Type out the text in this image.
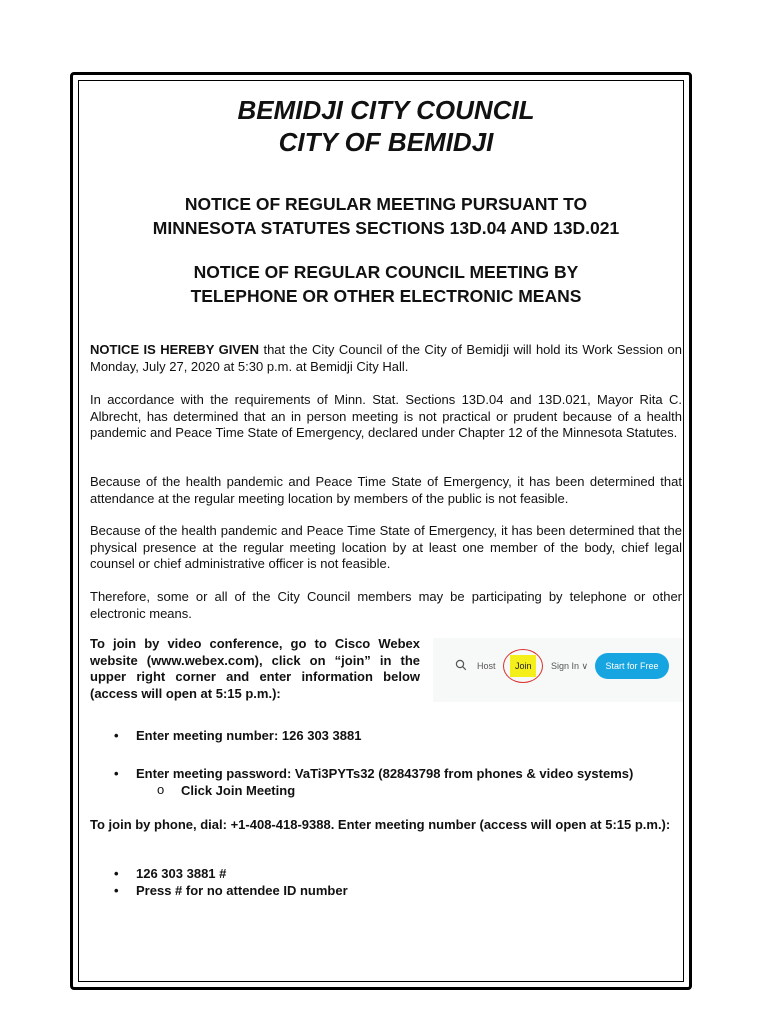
BEMIDJI CITY COUNCIL

CITY OF BEMIDJI

NOTICE OF REGULAR MEETING PURSUANT TO

MINNESOTA STATUTES SECTIONS 13D.04 AND 13D.021

NOTICE OF REGULAR COUNCIL MEETING BY

TELEPHONE OR OTHER ELECTRONIC MEANS

NOTICE IS HEREBY GIVEN that the City Council of the City of Bemidji will hold its Work Session on Monday, July 27, 2020 at 5:30 p.m. at Bemidji City Hall.

In accordance with the requirements of Minn. Stat. Sections 13D.04 and 13D.021, Mayor Rita C. Albrecht, has determined that an in person meeting is not practical or prudent because of a health pandemic and Peace Time State of Emergency, declared under Chapter 12 of the Minnesota Statutes.

Because of the health pandemic and Peace Time State of Emergency, it has been determined that attendance at the regular meeting location by members of the public is not feasible.

Because of the health pandemic and Peace Time State of Emergency, it has been determined that the physical presence at the regular meeting location by at least one member of the body, chief legal counsel or chief administrative officer is not feasible.

Therefore, some or all of the City Council members may be participating by telephone or other electronic means.

To join by video conference, go to Cisco Webex website (www.webex.com), click on “join” in the upper right corner and enter information below (access will open at 5:15 p.m.):
Host Join Sign In ∨	Start for Free
• Enter meeting number: 126 303 3881
• Enter meeting password: VaTi3PYTs32 (82843798 from phones & video systems)
o Click Join Meeting

To join by phone, dial: +1-408-418-9388. Enter meeting number (access will open at 5:15 p.m.):

• 126 303 3881 #
• Press # for no attendee ID number
